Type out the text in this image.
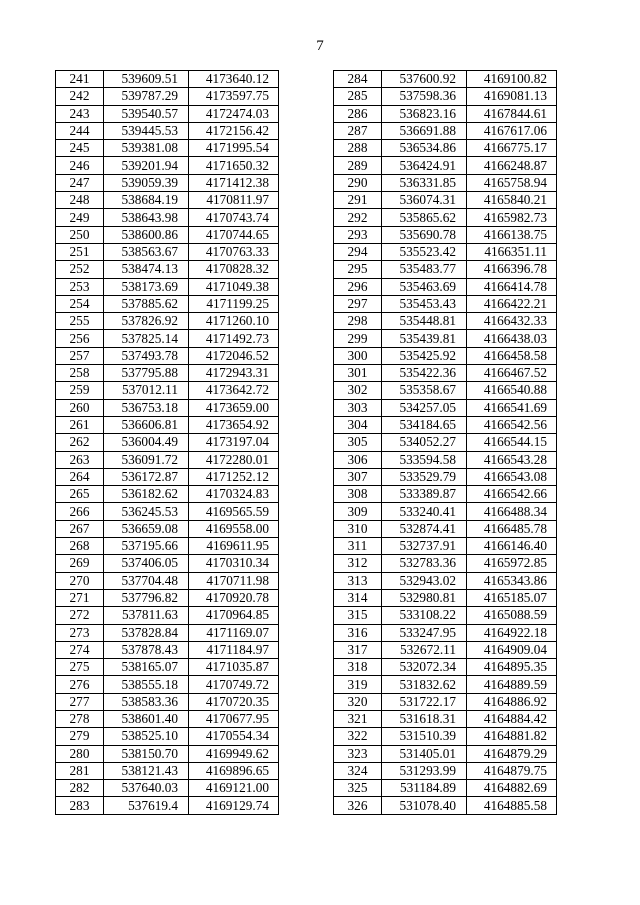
7
241	539609.51	4173640.12
242	539787.29	4173597.75
243	539540.57	4172474.03
244	539445.53	4172156.42
245	539381.08	4171995.54
246	539201.94	4171650.32
247	539059.39	4171412.38
248	538684.19	4170811.97
249	538643.98	4170743.74
250	538600.86	4170744.65
251	538563.67	4170763.33
252	538474.13	4170828.32
253	538173.69	4171049.38
254	537885.62	4171199.25
255	537826.92	4171260.10
256	537825.14	4171492.73
257	537493.78	4172046.52
258	537795.88	4172943.31
259	537012.11	4173642.72
260	536753.18	4173659.00
261	536606.81	4173654.92
262	536004.49	4173197.04
263	536091.72	4172280.01
264	536172.87	4171252.12
265	536182.62	4170324.83
266	536245.53	4169565.59
267	536659.08	4169558.00
268	537195.66	4169611.95
269	537406.05	4170310.34
270	537704.48	4170711.98
271	537796.82	4170920.78
272	537811.63	4170964.85
273	537828.84	4171169.07
274	537878.43	4171184.97
275	538165.07	4171035.87
276	538555.18	4170749.72
277	538583.36	4170720.35
278	538601.40	4170677.95
279	538525.10	4170554.34
280	538150.70	4169949.62
281	538121.43	4169896.65
282	537640.03	4169121.00
283	537619.4	4169129.74
284	537600.92	4169100.82
285	537598.36	4169081.13
286	536823.16	4167844.61
287	536691.88	4167617.06
288	536534.86	4166775.17
289	536424.91	4166248.87
290	536331.85	4165758.94
291	536074.31	4165840.21
292	535865.62	4165982.73
293	535690.78	4166138.75
294	535523.42	4166351.11
295	535483.77	4166396.78
296	535463.69	4166414.78
297	535453.43	4166422.21
298	535448.81	4166432.33
299	535439.81	4166438.03
300	535425.92	4166458.58
301	535422.36	4166467.52
302	535358.67	4166540.88
303	534257.05	4166541.69
304	534184.65	4166542.56
305	534052.27	4166544.15
306	533594.58	4166543.28
307	533529.79	4166543.08
308	533389.87	4166542.66
309	533240.41	4166488.34
310	532874.41	4166485.78
311	532737.91	4166146.40
312	532783.36	4165972.85
313	532943.02	4165343.86
314	532980.81	4165185.07
315	533108.22	4165088.59
316	533247.95	4164922.18
317	532672.11	4164909.04
318	532072.34	4164895.35
319	531832.62	4164889.59
320	531722.17	4164886.92
321	531618.31	4164884.42
322	531510.39	4164881.82
323	531405.01	4164879.29
324	531293.99	4164879.75
325	531184.89	4164882.69
326	531078.40	4164885.58
